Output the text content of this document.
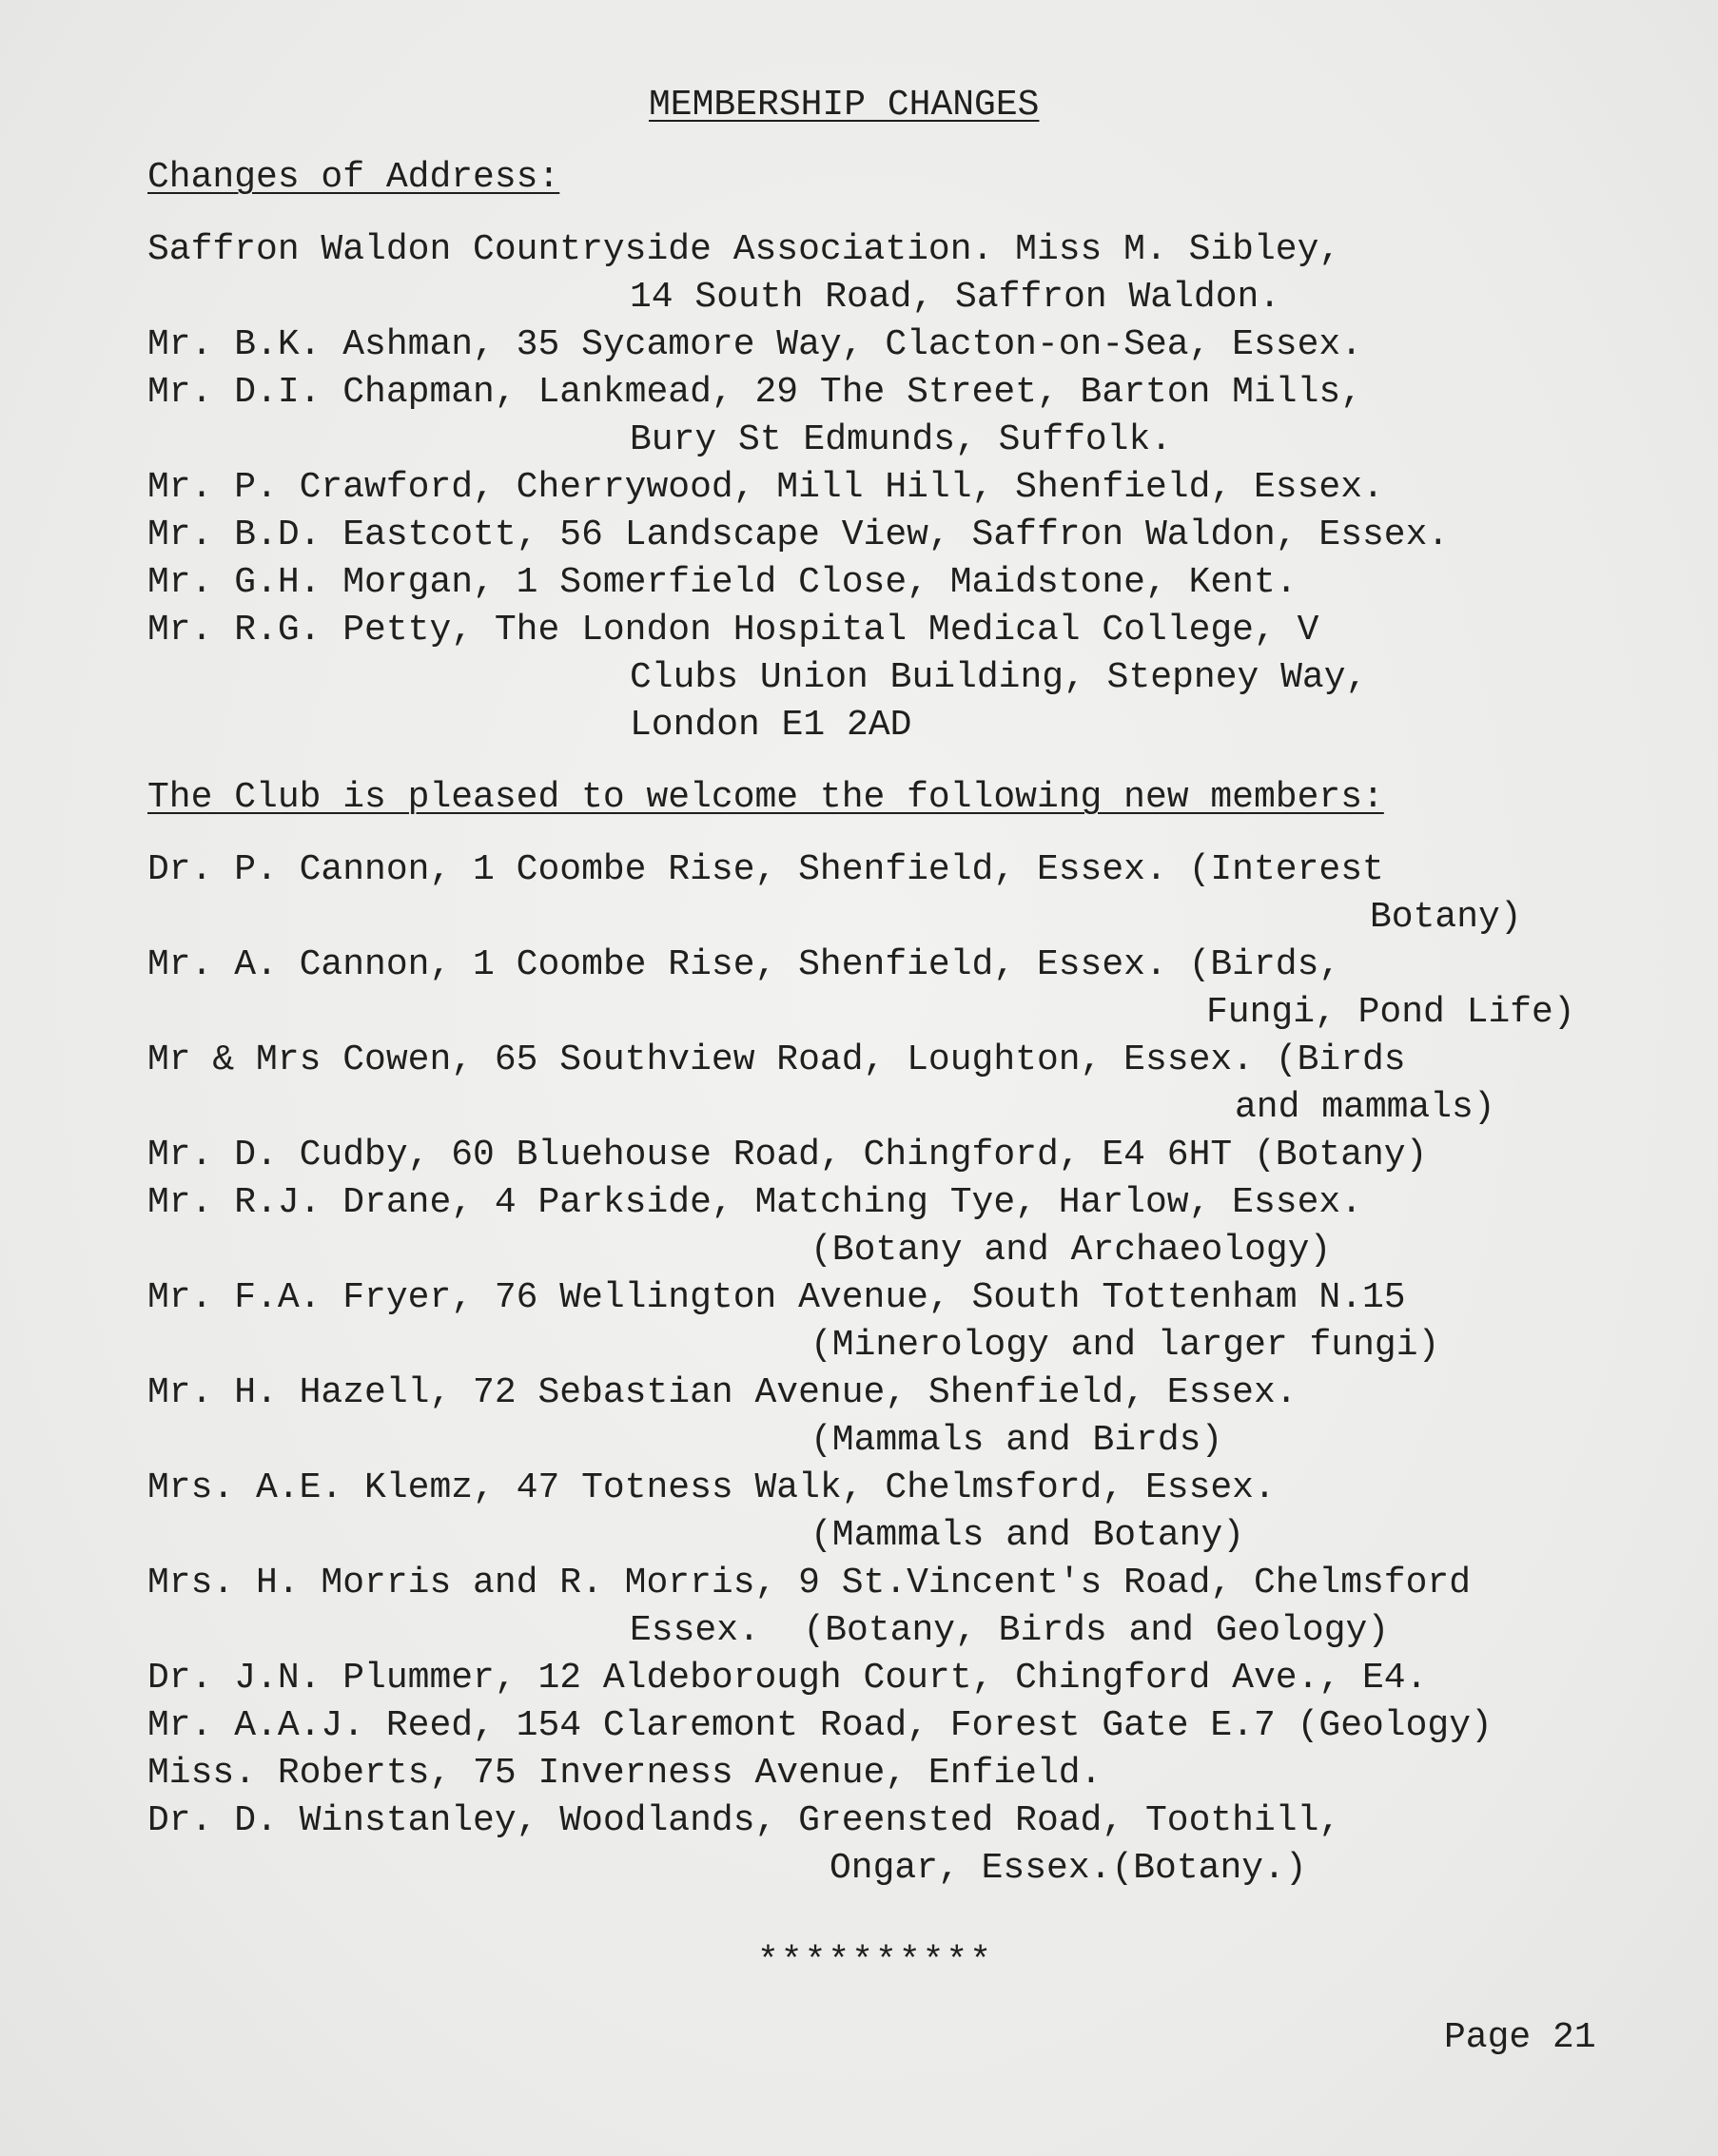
MEMBERSHIP CHANGES
Changes of Address:
Saffron Waldon Countryside Association. Miss M. Sibley,
14 South Road, Saffron Waldon.
Mr. B.K. Ashman, 35 Sycamore Way, Clacton-on-Sea, Essex.
Mr. D.I. Chapman, Lankmead, 29 The Street, Barton Mills,
Bury St Edmunds, Suffolk.
Mr. P. Crawford, Cherrywood, Mill Hill, Shenfield, Essex.
Mr. B.D. Eastcott, 56 Landscape View, Saffron Waldon, Essex.
Mr. G.H. Morgan, 1 Somerfield Close, Maidstone, Kent.
Mr. R.G. Petty, The London Hospital Medical College, V
Clubs Union Building, Stepney Way,
London E1 2AD
The Club is pleased to welcome the following new members:
Dr. P. Cannon, 1 Coombe Rise, Shenfield, Essex. (Interest
Botany)
Mr. A. Cannon, 1 Coombe Rise, Shenfield, Essex. (Birds,
Fungi, Pond Life)
Mr & Mrs Cowen, 65 Southview Road, Loughton, Essex. (Birds
and mammals)
Mr. D. Cudby, 60 Bluehouse Road, Chingford, E4 6HT (Botany)
Mr. R.J. Drane, 4 Parkside, Matching Tye, Harlow, Essex.
(Botany and Archaeology)
Mr. F.A. Fryer, 76 Wellington Avenue, South Tottenham N.15
(Minerology and larger fungi)
Mr. H. Hazell, 72 Sebastian Avenue, Shenfield, Essex.
(Mammals and Birds)
Mrs. A.E. Klemz, 47 Totness Walk, Chelmsford, Essex.
(Mammals and Botany)
Mrs. H. Morris and R. Morris, 9 St.Vincent's Road, Chelmsford
Essex.  (Botany, Birds and Geology)
Dr. J.N. Plummer, 12 Aldeborough Court, Chingford Ave., E4.
Mr. A.A.J. Reed, 154 Claremont Road, Forest Gate E.7 (Geology)
Miss. Roberts, 75 Inverness Avenue, Enfield.
Dr. D. Winstanley, Woodlands, Greensted Road, Toothill,
Ongar, Essex.(Botany.)
**********
Page 21
